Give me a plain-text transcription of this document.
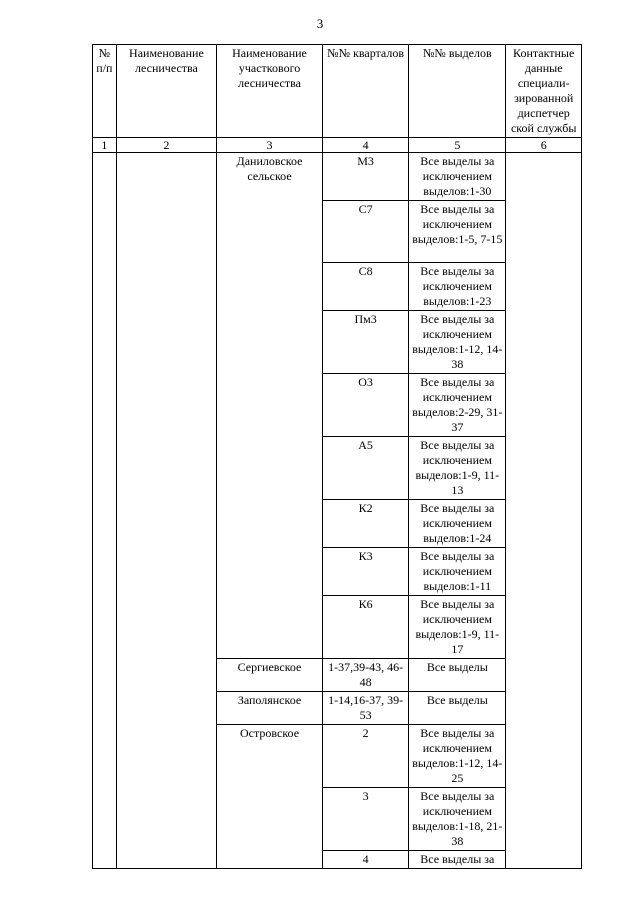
3
№ п/п	Наименование лесничества	Наименование участкового лесничества	№№ кварталов	№№ выделов	Контактные данные специали-зированной диспетчер ской службы
1	2	3	4	5	6
		Даниловское сельское	М3	Все выделы за исключением выделов:1-30	
			С7	Все выделы за исключением выделов:1-5, 7-15	
			С8	Все выделы за исключением выделов:1-23	
			Пм3	Все выделы за исключением выделов:1-12, 14-38	
			О3	Все выделы за исключением выделов:2-29, 31-37	
			А5	Все выделы за исключением выделов:1-9, 11-13	
			К2	Все выделы за исключением выделов:1-24	
			К3	Все выделы за исключением выделов:1-11	
			К6	Все выделы за исключением выделов:1-9, 11-17	
		Сергиевское	1-37,39-43, 46-48	Все выделы	
		Заполянское	1-14,16-37, 39-53	Все выделы	
		Островское	2	Все выделы за исключением выделов:1-12, 14-25	
			3	Все выделы за исключением выделов:1-18, 21-38	
			4	Все выделы за	
